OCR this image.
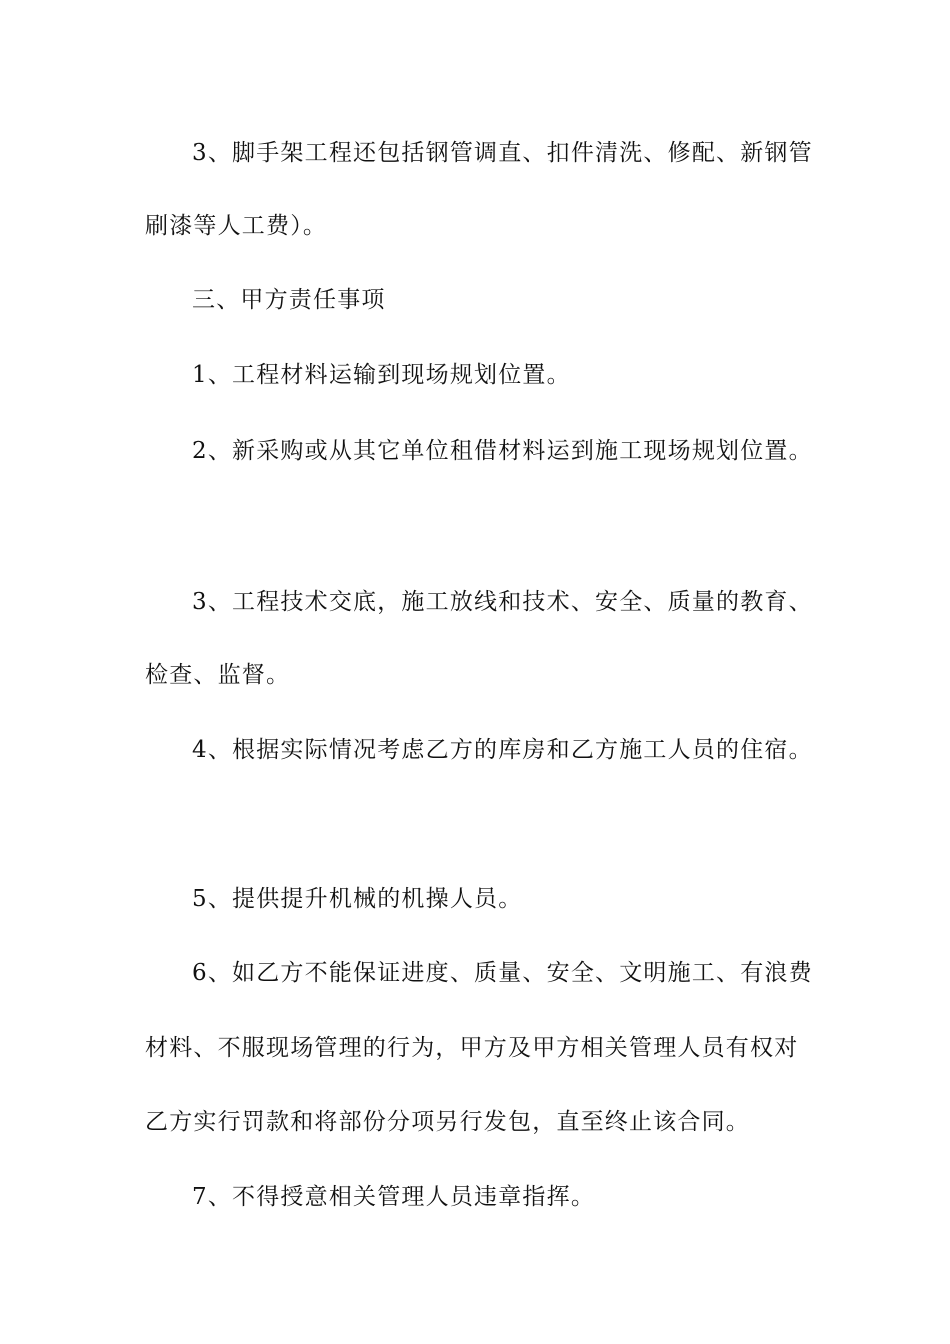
3、脚手架工程还包括钢管调直、扣件清洗、修配、新钢管
刷漆等人工费）。
三、甲方责任事项
1、工程材料运输到现场规划位置。
2、新采购或从其它单位租借材料运到施工现场规划位置。
3、工程技术交底，施工放线和技术、安全、质量的教育、
检查、监督。
4、根据实际情况考虑乙方的库房和乙方施工人员的住宿。
5、提供提升机械的机操人员。
6、如乙方不能保证进度、质量、安全、文明施工、有浪费
材料、不服现场管理的行为，甲方及甲方相关管理人员有权对
乙方实行罚款和将部份分项另行发包，直至终止该合同。
7、不得授意相关管理人员违章指挥。
